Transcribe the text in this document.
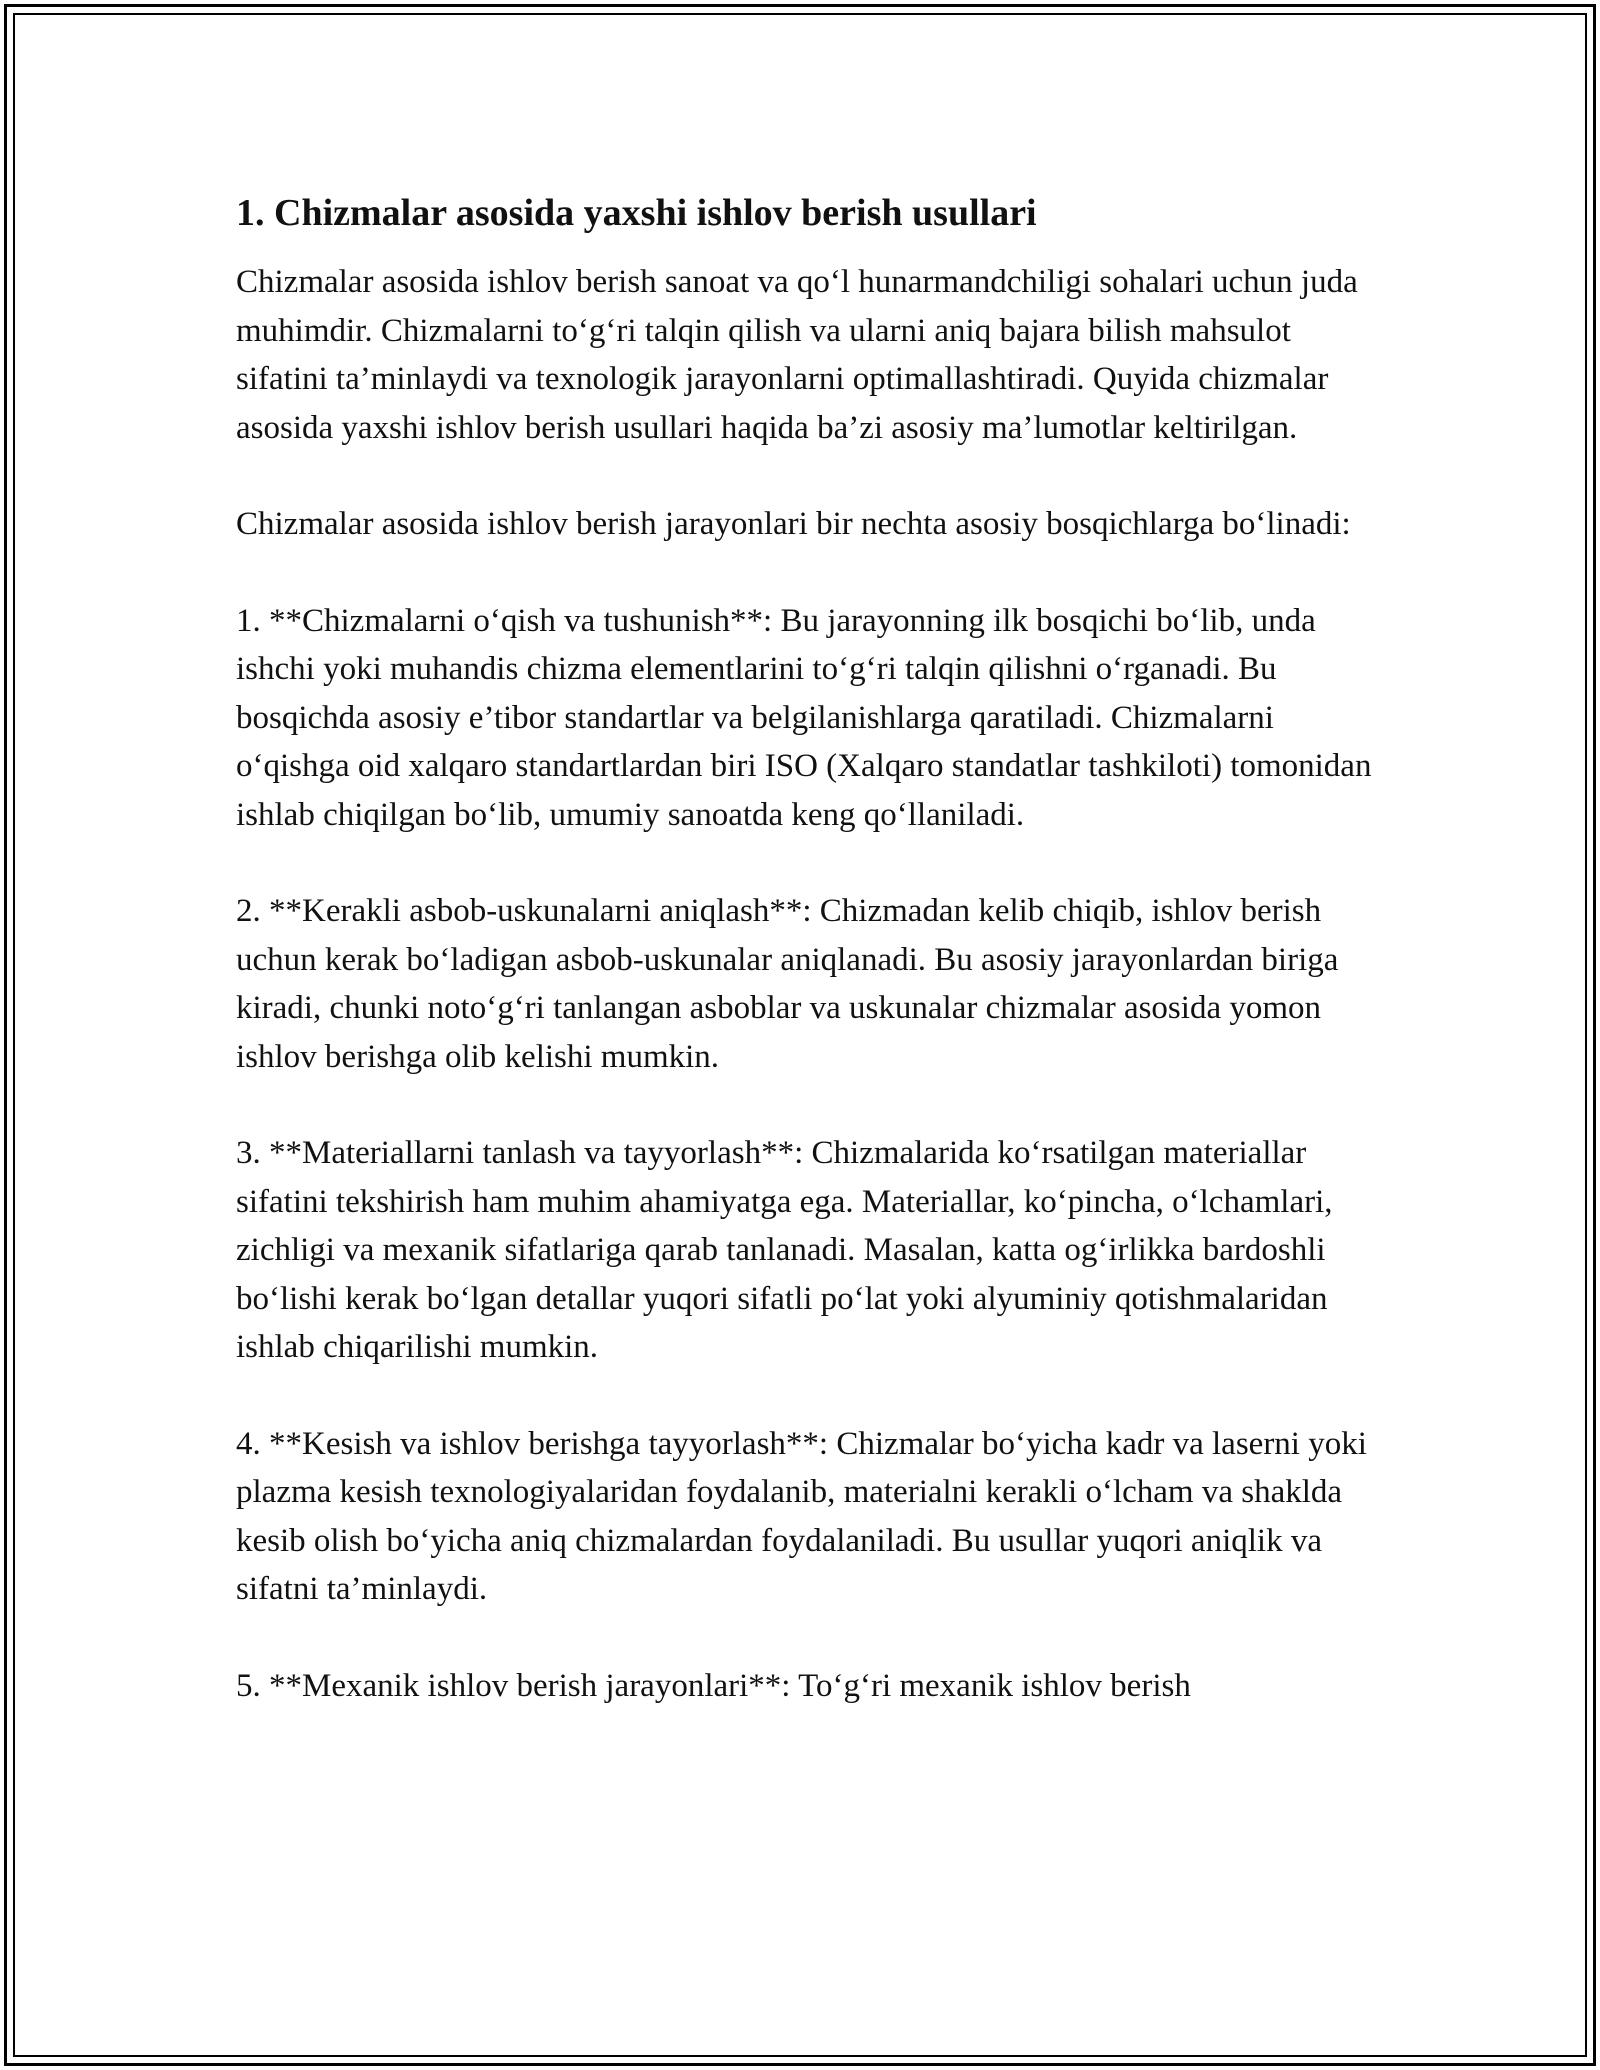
1. Chizmalar asosida yaxshi ishlov berish usullari

Chizmalar asosida ishlov berish sanoat va qo‘l hunarmandchiligi sohalari uchun juda muhimdir. Chizmalarni to‘g‘ri talqin qilish va ularni aniq bajara bilish mahsulot sifatini ta’minlaydi va texnologik jarayonlarni optimallashtiradi. Quyida chizmalar asosida yaxshi ishlov berish usullari haqida ba’zi asosiy ma’lumotlar keltirilgan.

Chizmalar asosida ishlov berish jarayonlari bir nechta asosiy bosqichlarga bo‘linadi:

1. **Chizmalarni o‘qish va tushunish**: Bu jarayonning ilk bosqichi bo‘lib, unda ishchi yoki muhandis chizma elementlarini to‘g‘ri talqin qilishni o‘rganadi. Bu bosqichda asosiy e’tibor standartlar va belgilanishlarga qaratiladi. Chizmalarni o‘qishga oid xalqaro standartlardan biri ISO (Xalqaro standatlar tashkiloti) tomonidan ishlab chiqilgan bo‘lib, umumiy sanoatda keng qo‘llaniladi.

2. **Kerakli asbob-uskunalarni aniqlash**: Chizmadan kelib chiqib, ishlov berish uchun kerak bo‘ladigan asbob-uskunalar aniqlanadi. Bu asosiy jarayonlardan biriga kiradi, chunki noto‘g‘ri tanlangan asboblar va uskunalar chizmalar asosida yomon ishlov berishga olib kelishi mumkin.

3. **Materiallarni tanlash va tayyorlash**: Chizmalarida ko‘rsatilgan materiallar sifatini tekshirish ham muhim ahamiyatga ega. Materiallar, ko‘pincha, o‘lchamlari, zichligi va mexanik sifatlariga qarab tanlanadi. Masalan, katta og‘irlikka bardoshli bo‘lishi kerak bo‘lgan detallar yuqori sifatli po‘lat yoki alyuminiy qotishmalaridan ishlab chiqarilishi mumkin.

4. **Kesish va ishlov berishga tayyorlash**: Chizmalar bo‘yicha kadr va laserni yoki plazma kesish texnologiyalaridan foydalanib, materialni kerakli o‘lcham va shaklda kesib olish bo‘yicha aniq chizmalardan foydalaniladi. Bu usullar yuqori aniqlik va sifatni ta’minlaydi.

5. **Mexanik ishlov berish jarayonlari**: To‘g‘ri mexanik ishlov berish
